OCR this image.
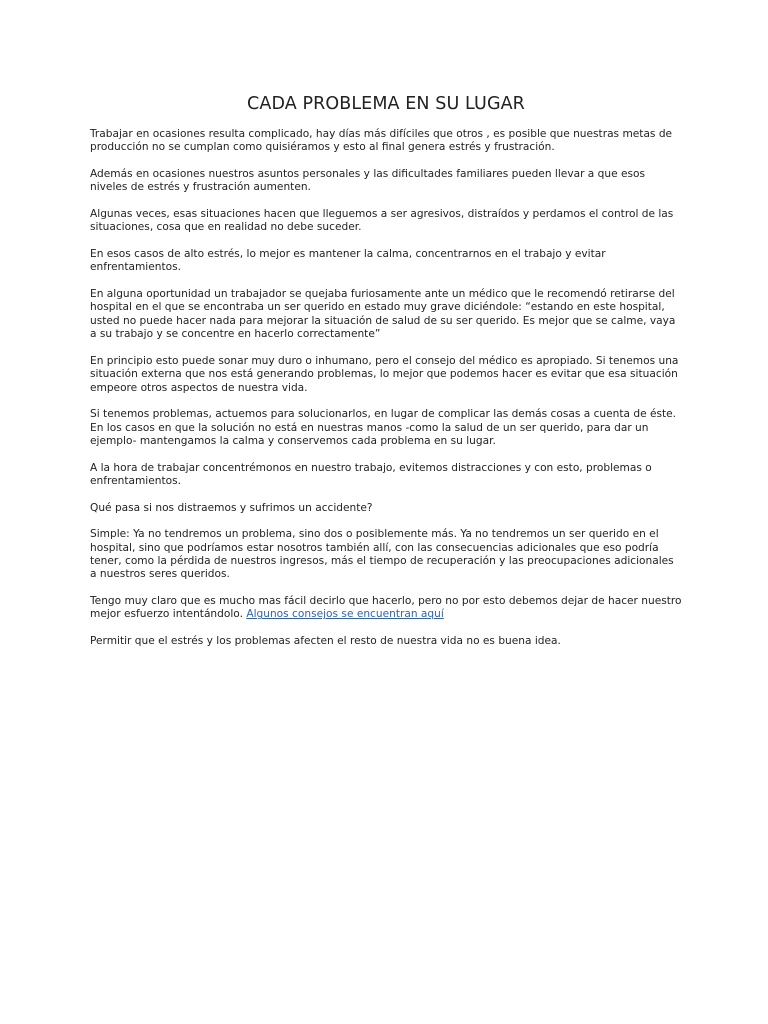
CADA PROBLEMA EN SU LUGAR

Trabajar en ocasiones resulta complicado, hay días más difíciles que otros , es posible que nuestras metas de producción no se cumplan como quisiéramos y esto al final genera estrés y frustración.

Además en ocasiones nuestros asuntos personales y las dificultades familiares pueden llevar a que esos niveles de estrés y frustración aumenten.

Algunas veces, esas situaciones hacen que lleguemos a ser agresivos, distraídos y perdamos el control de las situaciones, cosa que en realidad no debe suceder.

En esos casos de alto estrés, lo mejor es mantener la calma, concentrarnos en el trabajo y evitar enfrentamientos.

En alguna oportunidad un trabajador se quejaba furiosamente ante un médico que le recomendó retirarse del hospital en el que se encontraba un ser querido en estado muy grave diciéndole: “estando en este hospital, usted no puede hacer nada para mejorar la situación de salud de su ser querido. Es mejor que se calme, vaya a su trabajo y se concentre en hacerlo correctamente”

En principio esto puede sonar muy duro o inhumano, pero el consejo del médico es apropiado. Si tenemos una situación externa que nos está generando problemas, lo mejor que podemos hacer es evitar que esa situación empeore otros aspectos de nuestra vida.

Si tenemos problemas, actuemos para solucionarlos, en lugar de complicar las demás cosas a cuenta de éste. En los casos en que la solución no está en nuestras manos -como la salud de un ser querido, para dar un ejemplo- mantengamos la calma y conservemos cada problema en su lugar.

A la hora de trabajar concentrémonos en nuestro trabajo, evitemos distracciones y con esto, problemas o enfrentamientos.

Qué pasa si nos distraemos y sufrimos un accidente?

Simple: Ya no tendremos un problema, sino dos o posiblemente más. Ya no tendremos un ser querido en el hospital, sino que podríamos estar nosotros también allí, con las consecuencias adicionales que eso podría tener, como la pérdida de nuestros ingresos, más el tiempo de recuperación y las preocupaciones adicionales a nuestros seres queridos.

Tengo muy claro que es mucho mas fácil decirlo que hacerlo, pero no por esto debemos dejar de hacer nuestro mejor esfuerzo intentándolo. Algunos consejos se encuentran aquí

Permitir que el estrés y los problemas afecten el resto de nuestra vida no es buena idea.
